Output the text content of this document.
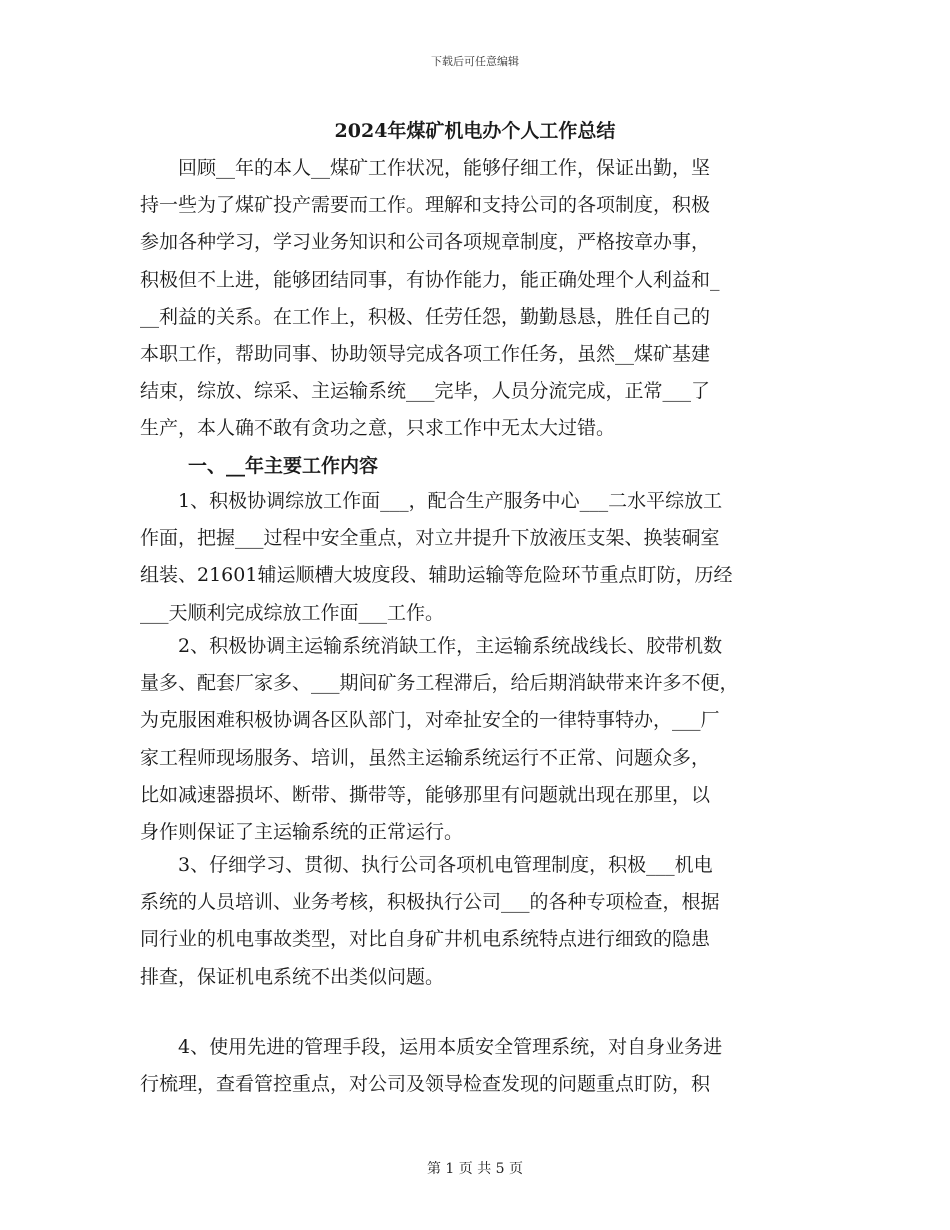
下载后可任意编辑
2024年煤矿机电办个人工作总结
　　回顾__年的本人__煤矿工作状况，能够仔细工作，保证出勤，坚
持一些为了煤矿投产需要而工作。理解和支持公司的各项制度，积极
参加各种学习，学习业务知识和公司各项规章制度，严格按章办事，
积极但不上进，能够团结同事，有协作能力，能正确处理个人利益和_
__利益的关系。在工作上，积极、任劳任怨，勤勤恳恳，胜任自己的
本职工作，帮助同事、协助领导完成各项工作任务，虽然__煤矿基建
结束，综放、综采、主运输系统___完毕，人员分流完成，正常___了
生产，本人确不敢有贪功之意，只求工作中无太大过错。
一、__年主要工作内容
　　1、积极协调综放工作面___，配合生产服务中心___二水平综放工
作面，把握___过程中安全重点，对立井提升下放液压支架、换装硐室
组装、21601辅运顺槽大坡度段、辅助运输等危险环节重点盯防，历经
___天顺利完成综放工作面___工作。
　　2、积极协调主运输系统消缺工作，主运输系统战线长、胶带机数
量多、配套厂家多、___期间矿务工程滞后，给后期消缺带来许多不便，
为克服困难积极协调各区队部门，对牵扯安全的一律特事特办，___厂
家工程师现场服务、培训，虽然主运输系统运行不正常、问题众多，
比如减速器损坏、断带、撕带等，能够那里有问题就出现在那里，以
身作则保证了主运输系统的正常运行。
　　3、仔细学习、贯彻、执行公司各项机电管理制度，积极___机电
系统的人员培训、业务考核，积极执行公司___的各种专项检查，根据
同行业的机电事故类型，对比自身矿井机电系统特点进行细致的隐患
排查，保证机电系统不出类似问题。
　　4、使用先进的管理手段，运用本质安全管理系统，对自身业务进
行梳理，查看管控重点，对公司及领导检查发现的问题重点盯防，积
第 1 页 共 5 页
